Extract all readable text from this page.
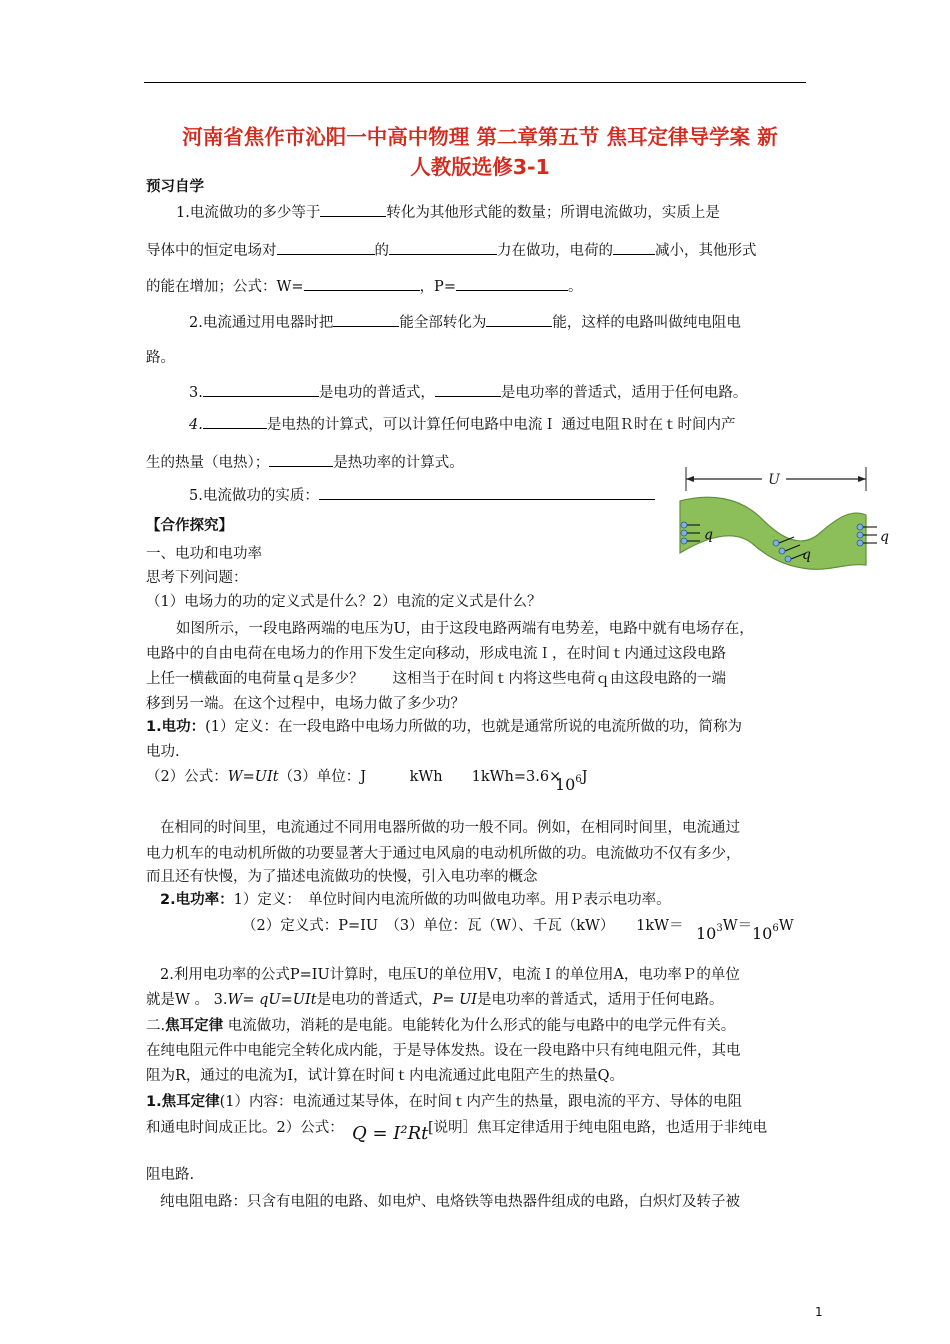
河南省焦作市沁阳一中高中物理 第二章第五节 焦耳定律导学案 新
人教版选修3-1
预习自学
1.电流做功的多少等于	转化为其他形式能的数量；所谓电流做功，实质上是
导体中的恒定电场对	的	力在做功，电荷的	减小，其他形式
的能在增加；公式：W=	，P=	。
2.电流通过用电器时把	能全部转化为	能，这样的电路叫做纯电阻电
路。
3.	是电功的普适式，	是电功率的普适式，适用于任何电路。
4.	是电热的计算式，可以计算任何电路中电流Ｉ 通过电阻Ｒ时在ｔ时间内产
生的热量（电热）；	是热功率的计算式。
5.电流做功的实质：
U
q
q
q
【合作探究】
一、电功和电功率
思考下列问题：
（1）电场力的功的定义式是什么？2）电流的定义式是什么？
如图所示，一段电路两端的电压为U，由于这段电路两端有电势差，电路中就有电场存在，
电路中的自由电荷在电场力的作用下发生定向移动，形成电流Ｉ，在时间ｔ内通过这段电路
上任一横截面的电荷量ｑ是多少？　　这相当于在时间ｔ内将这些电荷ｑ由这段电路的一端
移到另一端。在这个过程中，电场力做了多少功？
1.电功：(1）定义：在一段电路中电场力所做的功，也就是通常所说的电流所做的功，简称为
电功.
（2）公式：W=UIt（3）单位：J　　　kWh　　1kWh=3.6×
$10^6J$
在相同的时间里，电流通过不同用电器所做的功一般不同。例如，在相同时间里，电流通过
电力机车的电动机所做的功要显著大于通过电风扇的电动机所做的功。电流做功不仅有多少，
而且还有快慢，为了描述电流做功的快慢，引入电功率的概念
2.电功率：1）定义：　单位时间内电流所做的功叫做电功率。用Ｐ表示电功率。
（2）定义式：P=IU　（3）单位：瓦（W）、千瓦（kW）　　$1kW= 10^3W= 10^6W$
2.利用电功率的公式P=IU计算时，电压U的单位用V，电流Ｉ的单位用A，电功率Ｐ的单位
就是W 。 3.W= qU=UIt是电功的普适式，P= UI是电功率的普适式，适用于任何电路。
二.焦耳定律 电流做功，消耗的是电能。电能转化为什么形式的能与电路中的电学元件有关。
在纯电阻元件中电能完全转化成内能，于是导体发热。设在一段电路中只有纯电阻元件，其电
阻为R，通过的电流为I，试计算在时间ｔ内电流通过此电阻产生的热量Q。
1.焦耳定律(1）内容：电流通过某导体，在时间ｔ内产生的热量，跟电流的平方、导体的电阻
和通电时间成正比。2）公式： Q = I²Rt [说明］焦耳定律适用于纯电阻电路，也适用于非纯电
阻电路.
纯电阻电路：只含有电阻的电路、如电炉、电烙铁等电热器件组成的电路，白炽灯及转子被
1
